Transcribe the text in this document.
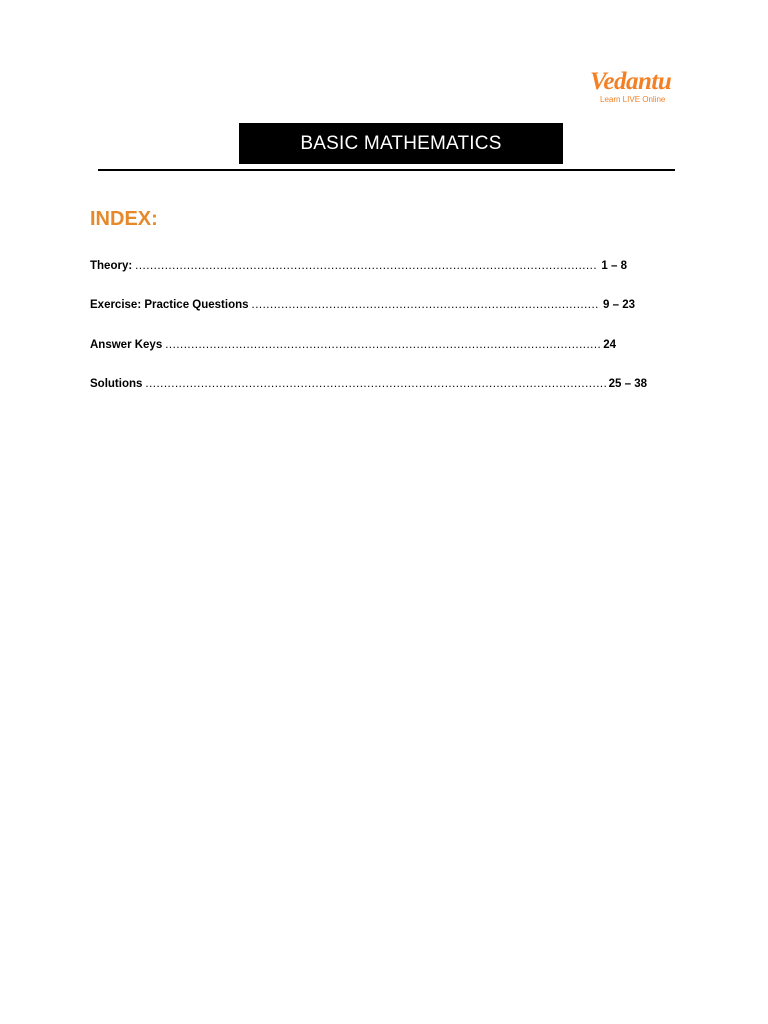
Vedantu
Learn LIVE Online
BASIC MATHEMATICS
INDEX:
Theory: .....	1 – 8
Exercise: Practice Questions .....	9 – 23
Answer Keys .....	24
Solutions .....	25 – 38
